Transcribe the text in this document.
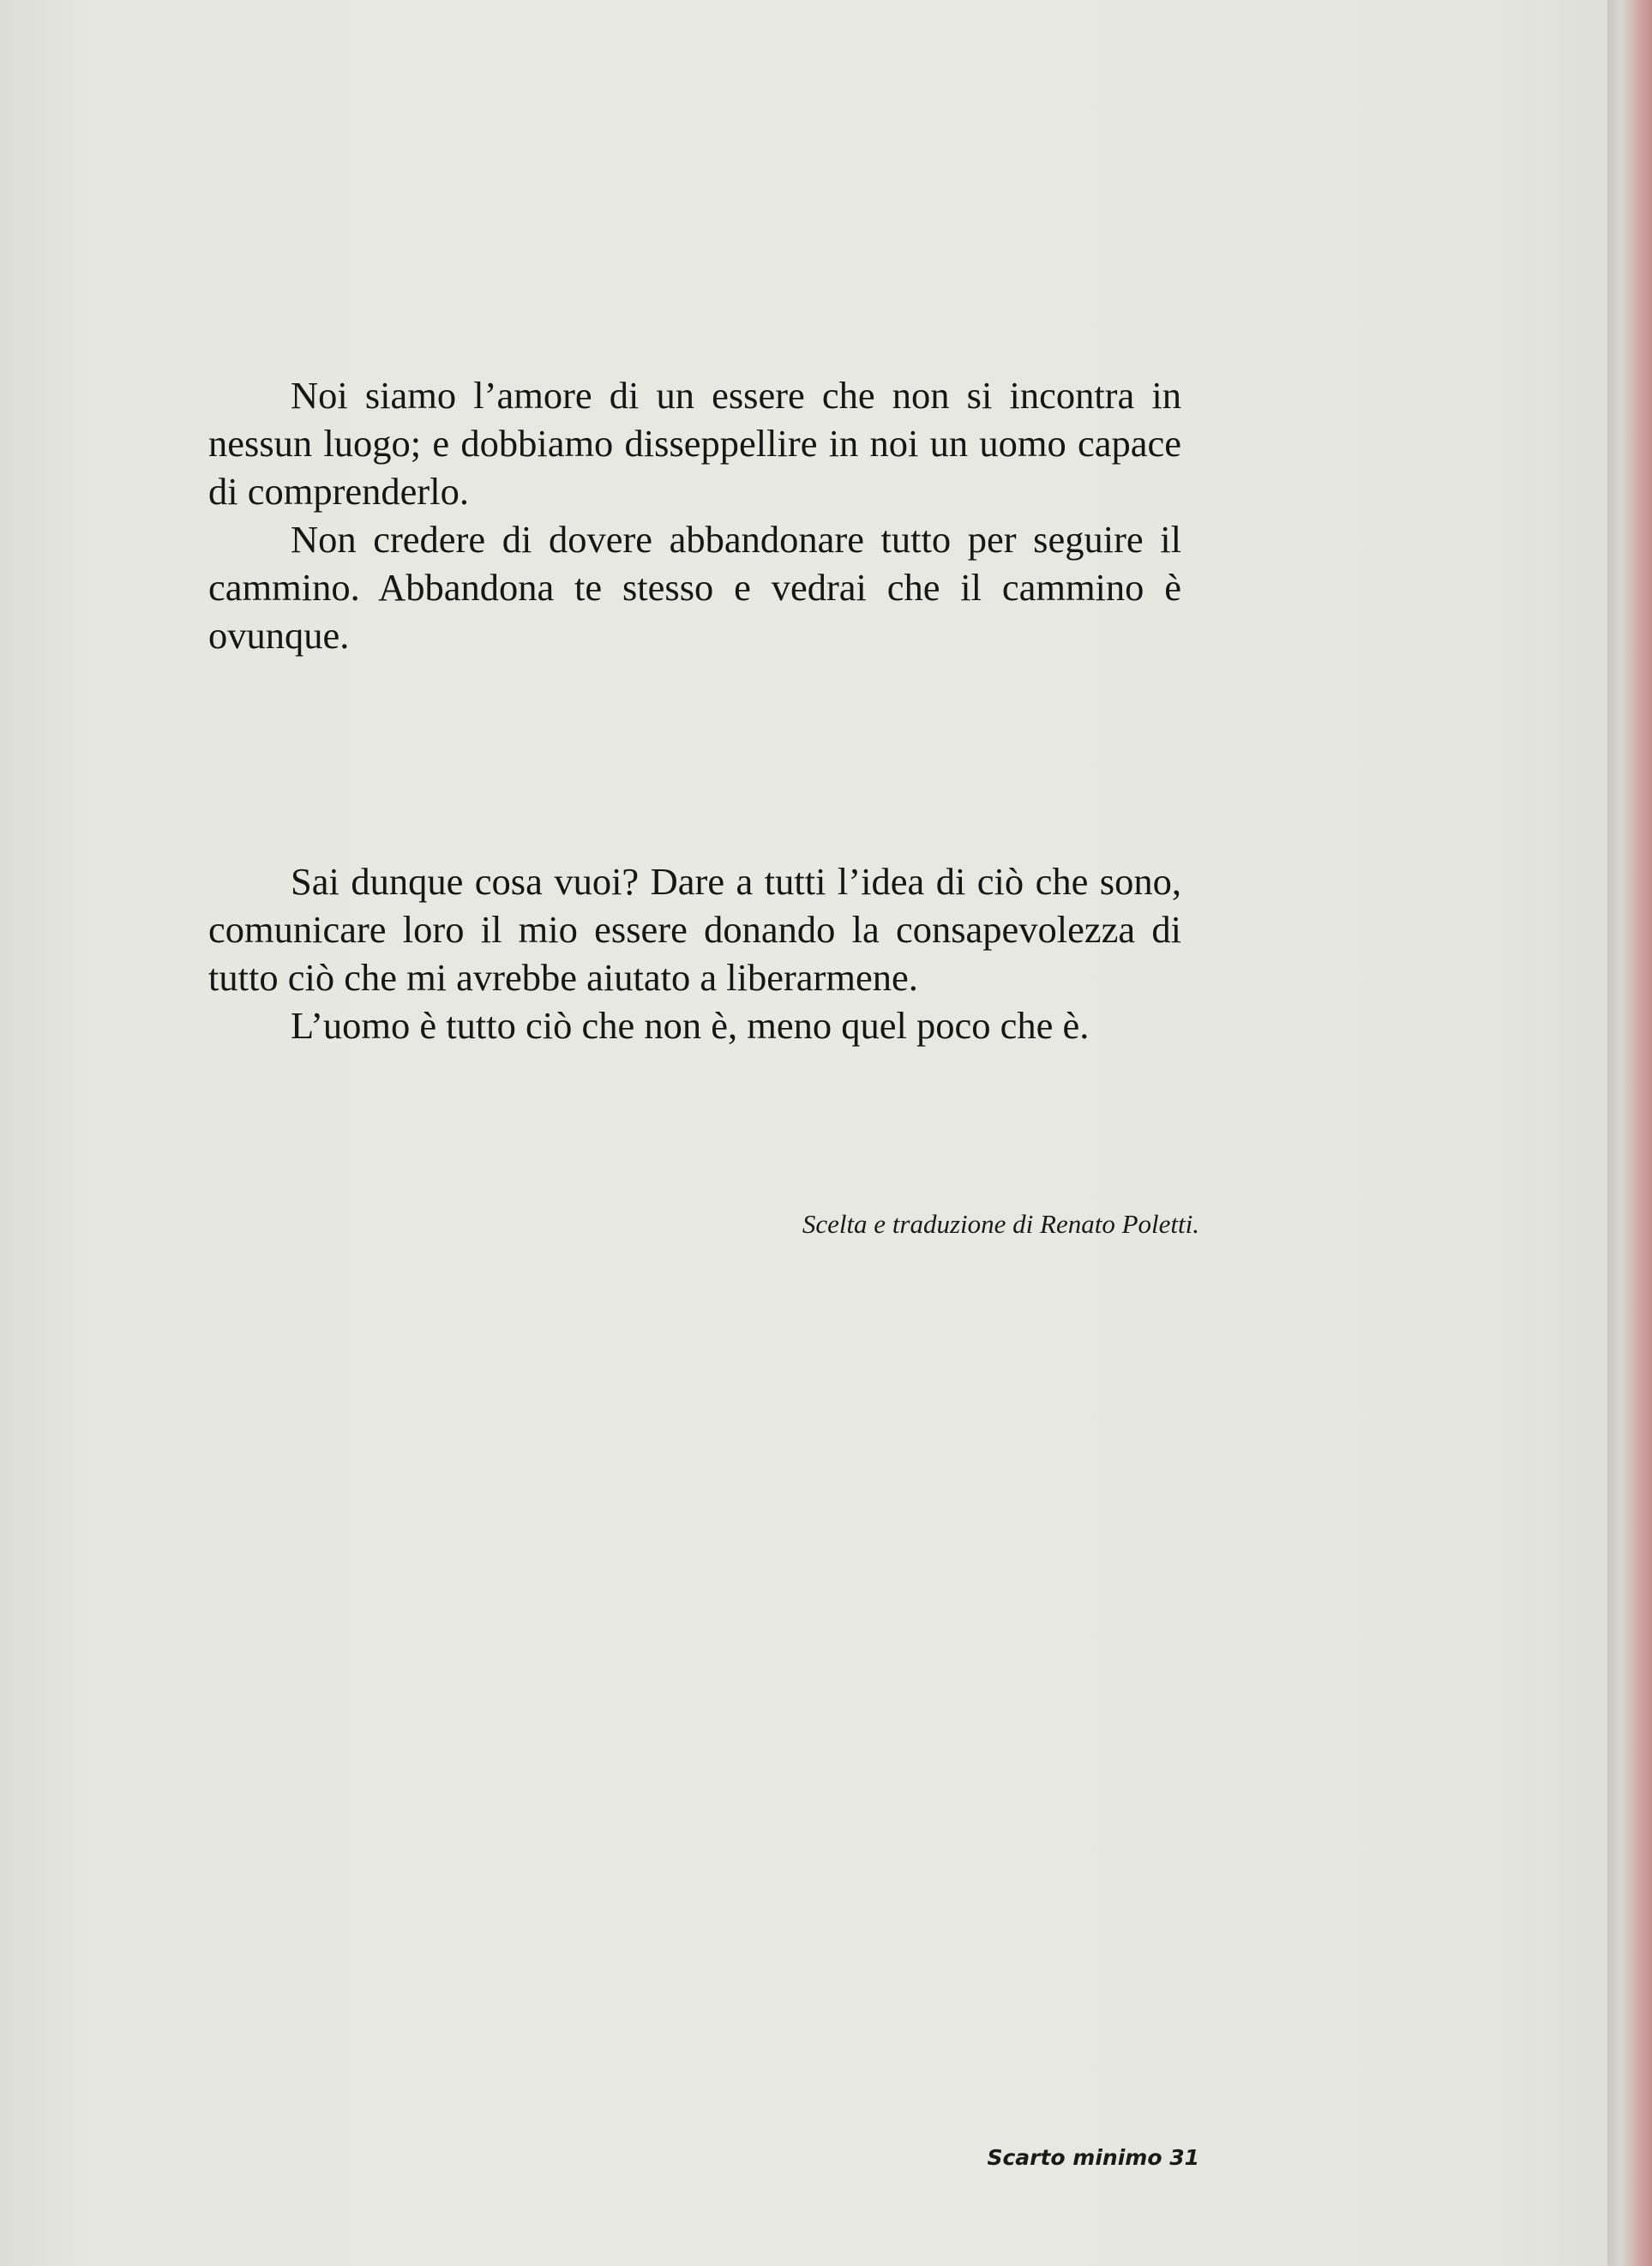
Noi siamo l’amore di un essere che non si incontra in nessun luogo; e dobbiamo disseppellire in noi un uomo capace di comprenderlo.

Non credere di dovere abbandonare tutto per seguire il cammino. Abbandona te stesso e vedrai che il cammino è ovunque.

Sai dunque cosa vuoi? Dare a tutti l’idea di ciò che sono, comunicare loro il mio essere donando la consapevolezza di tutto ciò che mi avrebbe aiutato a liberarmene.

L’uomo è tutto ciò che non è, meno quel poco che è.

Scelta e traduzione di Renato Poletti.
Scarto minimo 31
